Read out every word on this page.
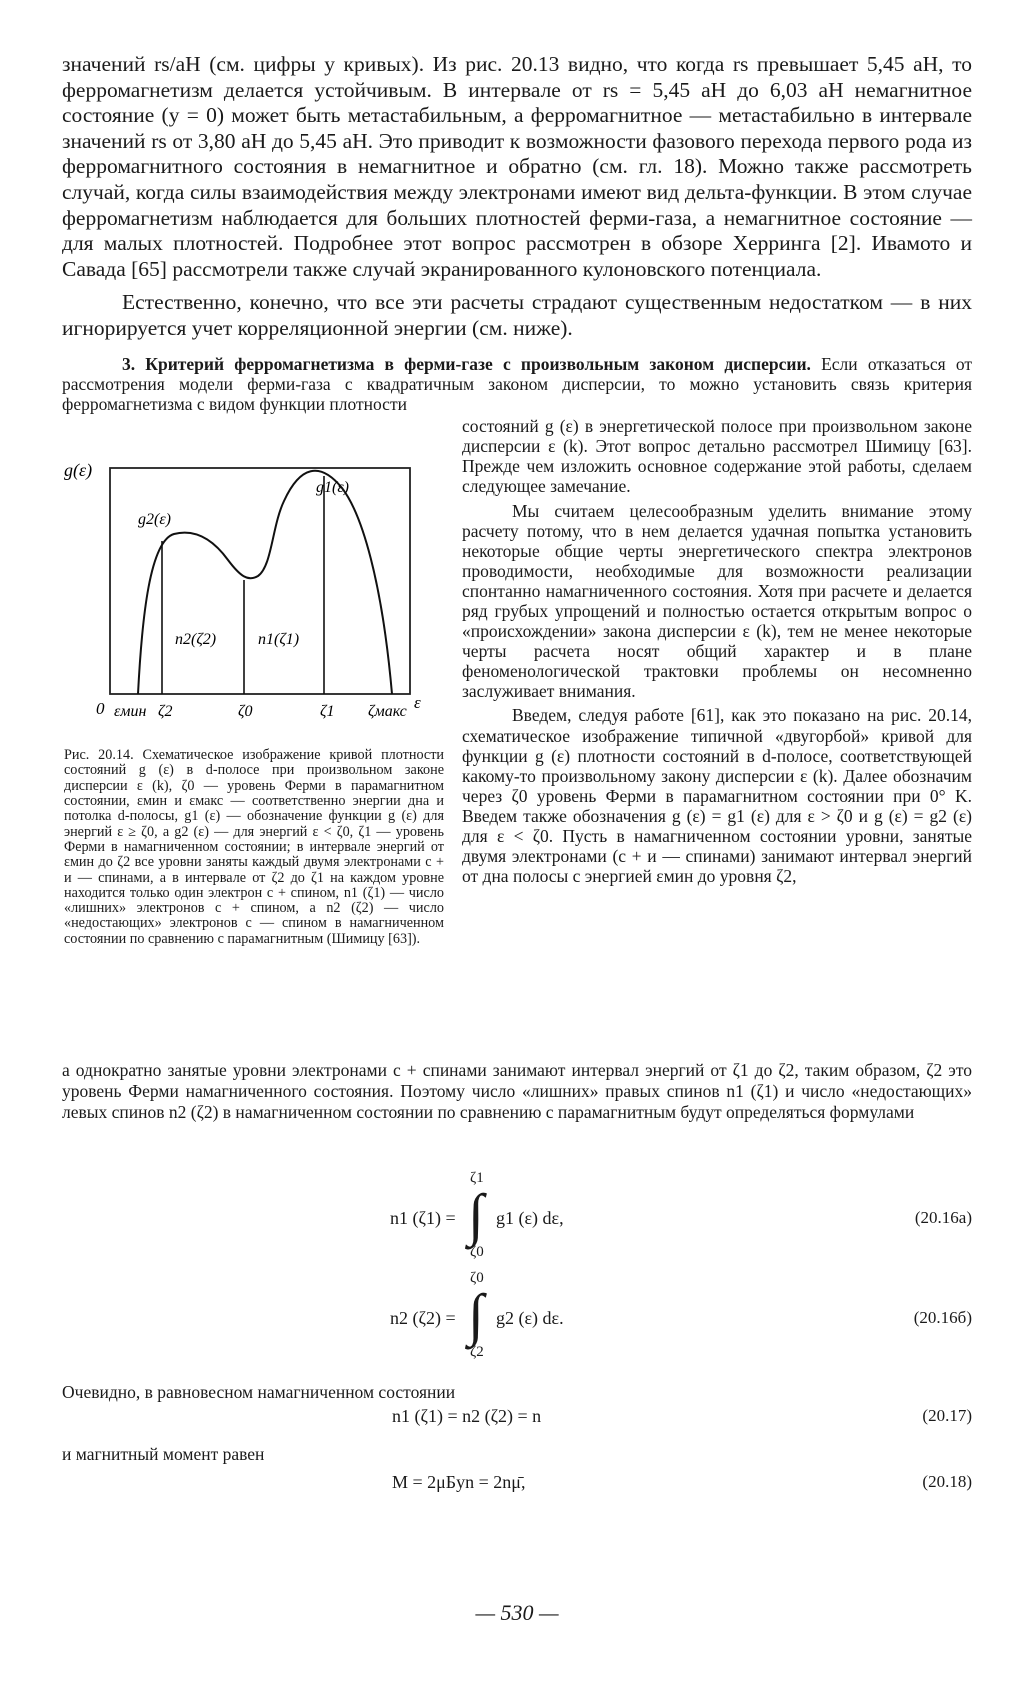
значений rs/aH (см. цифры у кривых). Из рис. 20.13 видно, что когда rs превышает 5,45 aH, то ферромагнетизм делается устойчивым. В интервале от rs = 5,45 aH до 6,03 aH немагнитное состояние (y = 0) может быть метастабильным, а ферромагнитное — метастабильно в интервале значений rs от 3,80 aH до 5,45 aH. Это приводит к возможности фазового перехода первого рода из ферромагнитного состояния в немагнитное и обратно (см. гл. 18). Можно также рассмотреть случай, когда силы взаимодействия между электронами имеют вид дельта-функции. В этом случае ферромагнетизм наблюдается для больших плотностей ферми-газа, а немагнитное состояние — для малых плотностей. Подробнее этот вопрос рассмотрен в обзоре Херринга [2]. Ивамото и Савада [65] рассмотрели также случай экранированного кулоновского потенциала.

Естественно, конечно, что все эти расчеты страдают существенным недостатком — в них игнорируется учет корреляционной энергии (см. ниже).

3. Критерий ферромагнетизма в ферми-газе с произвольным законом дисперсии. Если отказаться от рассмотрения модели ферми-газа с квадратичным законом дисперсии, то можно установить связь критерия ферромагнетизма с видом функции плотности

g(ε)
0	ε
g1(ε)
g2(ε)
n2(ζ2)	n1(ζ1)
εмин ζ2	ζ0	ζ1 ζмакс
Рис. 20.14. Схематическое изображение кривой плотности состояний g (ε) в d-полосе при произвольном законе дисперсии ε (k), ζ0 — уровень Ферми в парамагнитном состоянии, εмин и εмакс — соответственно энергии дна и потолка d-полосы, g1 (ε) — обозначение функции g (ε) для энергий ε ≥ ζ0, а g2 (ε) — для энергий ε < ζ0, ζ1 — уровень Ферми в намагниченном состоянии; в интервале энергий от εмин до ζ2 все уровни заняты каждый двумя электронами с + и — спинами, а в интервале от ζ2 до ζ1 на каждом уровне находится только один электрон с + спином, n1 (ζ1) — число «лишних» электронов с + спином, а n2 (ζ2) — число «недостающих» электронов с — спином в намагниченном состоянии по сравнению с парамагнитным (Шимицу [63]).

состояний g (ε) в энергетической полосе при произвольном законе дисперсии ε (k). Этот вопрос детально рассмотрел Шимицу [63]. Прежде чем изложить основное содержание этой работы, сделаем следующее замечание.

Мы считаем целесообразным уделить внимание этому расчету потому, что в нем делается удачная попытка установить некоторые общие черты энергетического спектра электронов проводимости, необходимые для возможности реализации спонтанно намагниченного состояния. Хотя при расчете и делается ряд грубых упрощений и полностью остается открытым вопрос о «происхождении» закона дисперсии ε (k), тем не менее некоторые черты расчета носят общий характер и в плане феноменологической трактовки проблемы он несомненно заслуживает внимания.

Введем, следуя работе [61], как это показано на рис. 20.14, схематическое изображение типичной «двугорбой» кривой для функции g (ε) плотности состояний в d-полосе, соответствующей какому-то произвольному закону дисперсии ε (k). Далее обозначим через ζ0 уровень Ферми в парамагнитном состоянии при 0° K. Введем также обозначения g (ε) = g1 (ε) для ε > ζ0 и g (ε) = g2 (ε) для ε < ζ0. Пусть в намагниченном состоянии уровни, занятые двумя электронами (с + и — спинами) занимают интервал энергий от дна полосы с энергией εмин до уровня ζ2,

а однократно занятые уровни электронами с + спинами занимают интервал энергий от ζ1 до ζ2, таким образом, ζ2 это уровень Ферми намагниченного состояния. Поэтому число «лишних» правых спинов n1 (ζ1) и число «недостающих» левых спинов n2 (ζ2) в намагниченном состоянии по сравнению с парамагнитным будут определяться формулами
n1 (ζ1) =
ζ1
∫
ζ0
g1 (ε) dε,	(20.16а)
n2 (ζ2) =
ζ0
∫
ζ2
g2 (ε) dε.	(20.16б)
Очевидно, в равновесном намагниченном состоянии
n1 (ζ1) = n2 (ζ2) = n	(20.17)
и магнитный момент равен
M = 2μБyn = 2nμ̄,	(20.18)
— 530 —
